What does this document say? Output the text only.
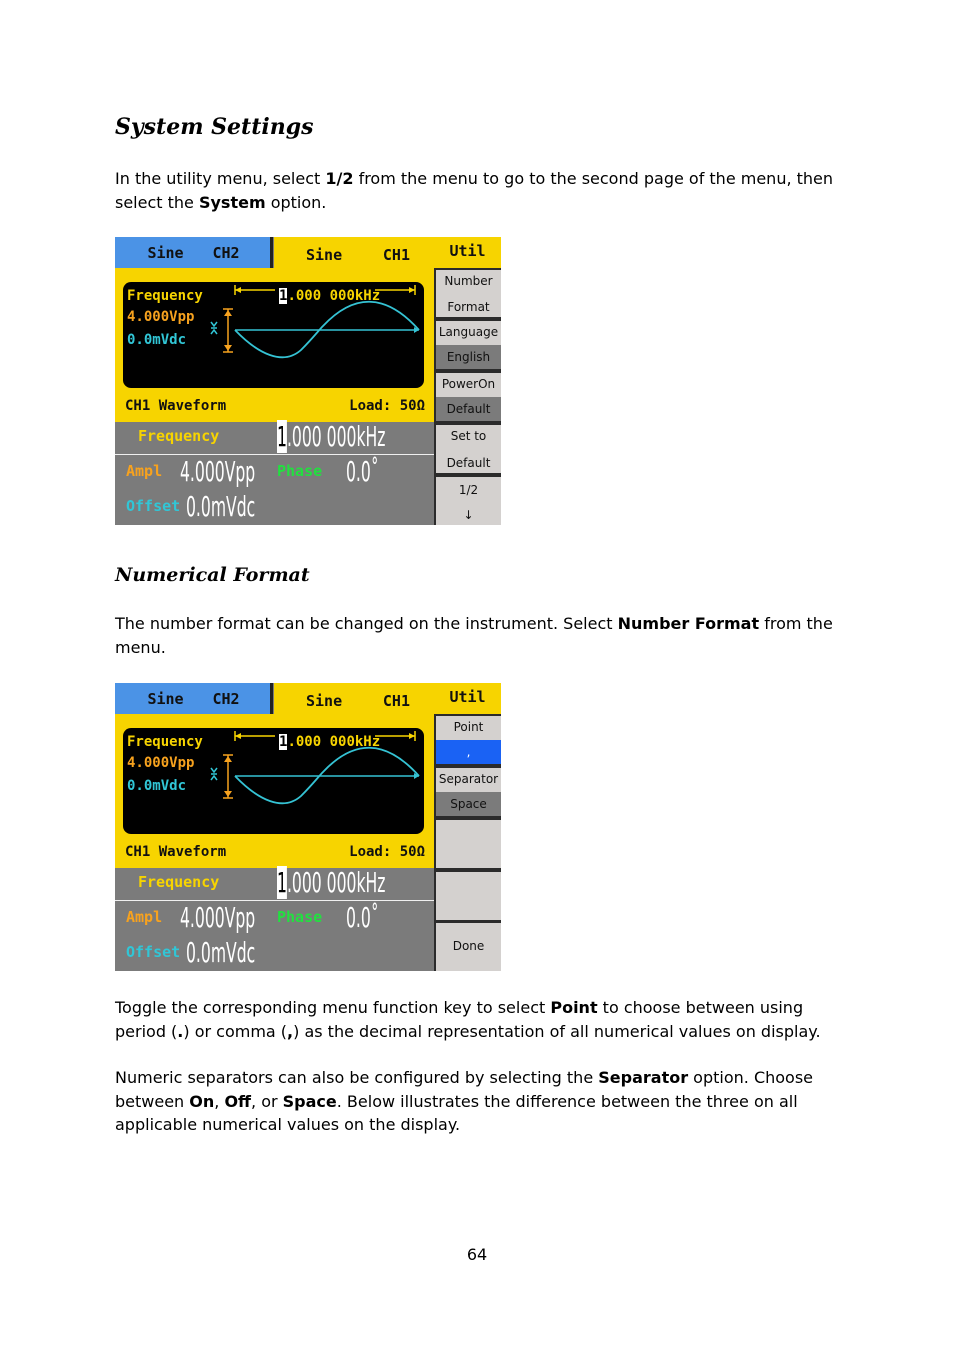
System Settings

In the utility menu, select 1/2 from the menu to go to the second page of the menu, then select the System option.

Sine CH2	Sine	CH1
Frequency
4.000Vpp
0.0mVdc
1.000 000kHz
CH1 Waveform	Load: 50Ω
Frequency 1.000 000kHz
Ampl 4.000Vpp Phase 0.0˚
Offset 0.0mVdc
Util
Number
Format
Language
English
PowerOn
Default
Set to
Default
1/2
↓
Numerical Format

The number format can be changed on the instrument. Select Number Format from the menu.

Sine CH2	Sine	CH1
Frequency
4.000Vpp
0.0mVdc
1.000 000kHz
CH1 Waveform	Load: 50Ω
Frequency 1.000 000kHz
Ampl 4.000Vpp Phase 0.0˚
Offset 0.0mVdc
Util
Point
,
Separator
Space
Done

Toggle the corresponding menu function key to select Point to choose between using period (.) or comma (,) as the decimal representation of all numerical values on display.

Numeric separators can also be configured by selecting the Separator option. Choose between On, Off, or Space. Below illustrates the difference between the three on all applicable numerical values on the display.

64
